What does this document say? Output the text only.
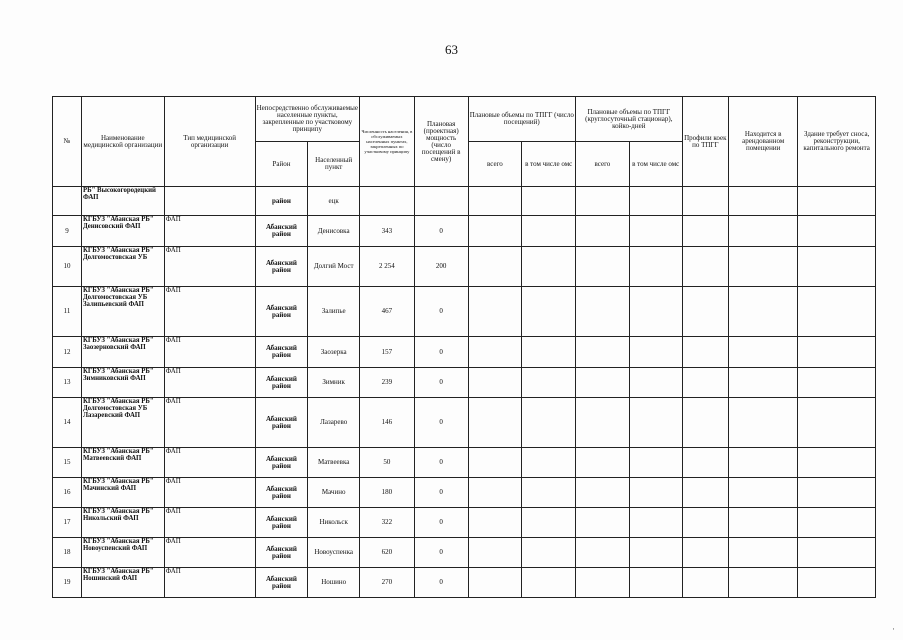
63
№	Наименование медицинской организации	Тип медицинской организации	Непосредственно обслуживаемые населенные пункты, закрепленные по участковому принципу		Численность населения, в обслуживаемых населенных пунктах, закрепленных по участковому принципу	Плановая (проектная) мощность (число посещений в смену)	Плановые объемы по ТПГГ (число посещений)		Плановые объемы по ТПГГ (круглосуточный стационар), койко-дней		Профили коек по ТПГГ	Находится в арендованном помещении	Здание требует сноса, реконструкции, капитального ремонта
			Район	Населенный пункт			всего	в том числе омс	всего	в том числе омс			
	РБ" Высокогородецкий ФАП		район	ецк									
9	КГБУЗ "Абанская РБ" Денисовский ФАП	ФАП	Абанский район	Денисовка	343	0							
10	КГБУЗ "Абанская РБ" Долгомостовская УБ	ФАП	Абанский район	Долгий Мост	2 254	200							
11	КГБУЗ "Абанская РБ" Долгомостовская УБ Залипьевский ФАП	ФАП	Абанский район	Залипье	467	0							
12	КГБУЗ "Абанская РБ" Заозерновский ФАП	ФАП	Абанский район	Заозерка	157	0							
13	КГБУЗ "Абанская РБ" Зимниковский ФАП	ФАП	Абанский район	Зимник	239	0							
14	КГБУЗ "Абанская РБ" Долгомостовская УБ Лазаревский ФАП	ФАП	Абанский район	Лазарево	146	0							
15	КГБУЗ "Абанская РБ" Матвеевский ФАП	ФАП	Абанский район	Матвеевка	50	0							
16	КГБУЗ "Абанская РБ" Мачинский ФАП	ФАП	Абанский район	Мачино	180	0							
17	КГБУЗ "Абанская РБ" Никольский ФАП	ФАП	Абанский район	Никольск	322	0							
18	КГБУЗ "Абанская РБ" Новоуспенский ФАП	ФАП	Абанский район	Новоуспенка	620	0							
19	КГБУЗ "Абанская РБ" Ношинский ФАП	ФАП	Абанский район	Ношино	270	0							
·
